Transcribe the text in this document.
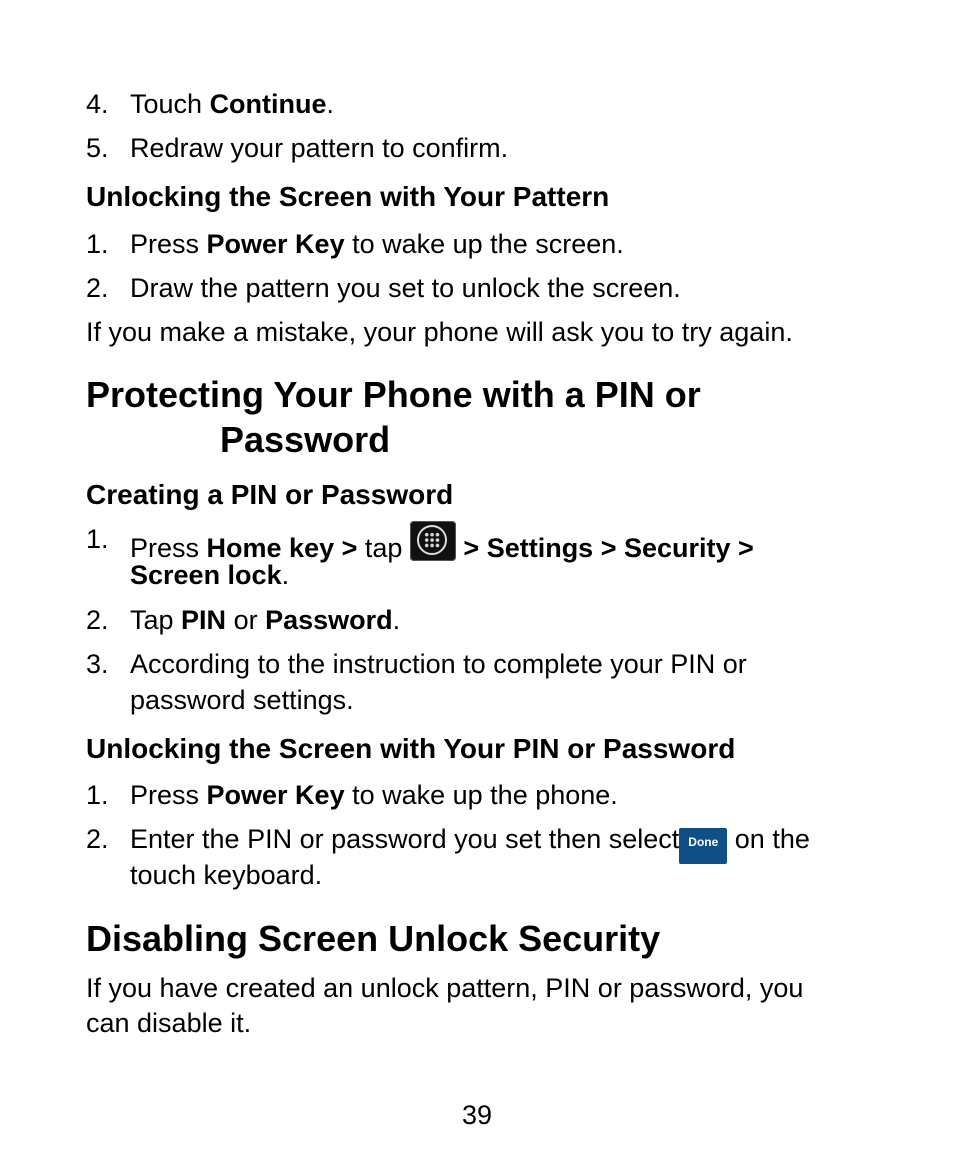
4. Touch Continue.
5. Redraw your pattern to confirm.
Unlocking the Screen with Your Pattern
1. Press Power Key to wake up the screen.
2. Draw the pattern you set to unlock the screen.
If you make a mistake, your phone will ask you to try again.
Protecting Your Phone with a PIN or
Password
Creating a PIN or Password
1. Press Home key > tap
> Settings > Security >
Screen lock.
2. Tap PIN or Password.
3. According to the instruction to complete your PIN or
password settings.
Unlocking the Screen with Your PIN or Password
1. Press Power Key to wake up the phone.
2. Enter the PIN or password you set then select Done on the
touch keyboard.
Disabling Screen Unlock Security
If you have created an unlock pattern, PIN or password, you
can disable it.
39
